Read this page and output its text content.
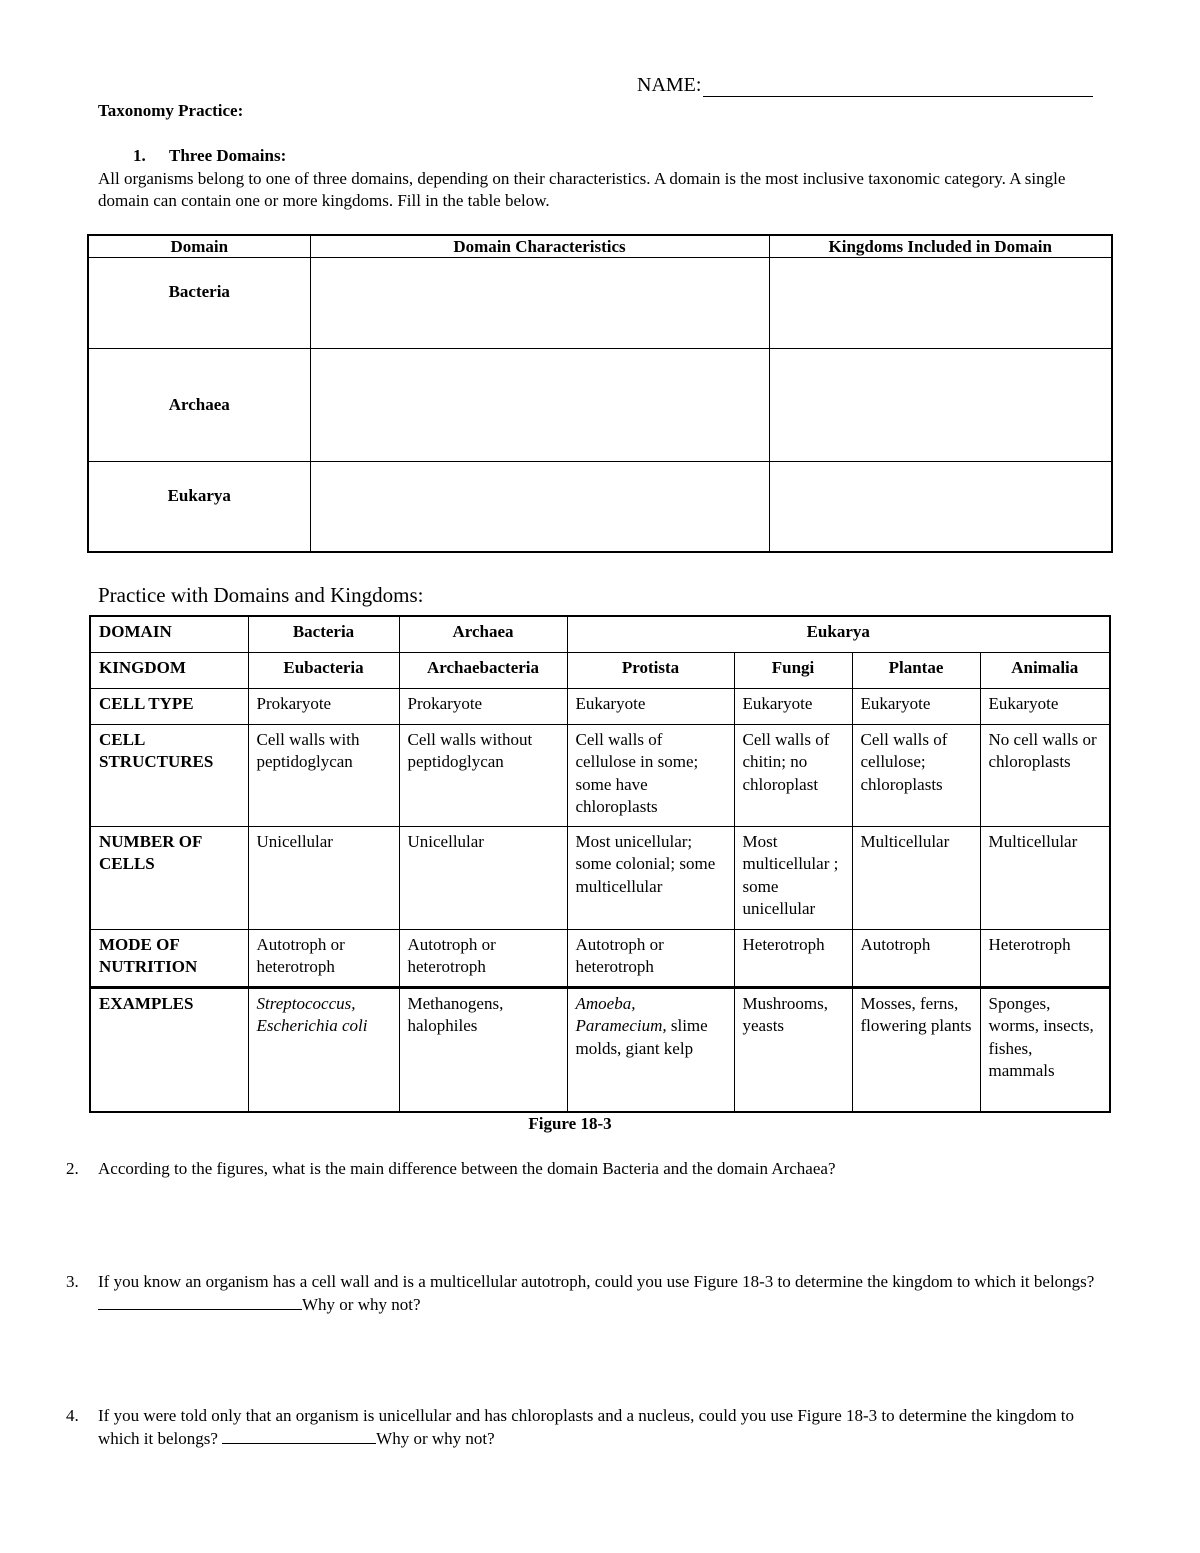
NAME:
Taxonomy Practice:
1. Three Domains:
All organisms belong to one of three domains, depending on their characteristics. A domain is the most inclusive taxonomic category. A single domain can contain one or more kingdoms. Fill in the table below.
Domain	Domain Characteristics	Kingdoms Included in Domain
Bacteria		
Archaea		
Eukarya		
Practice with Domains and Kingdoms:
DOMAIN	Bacteria	Archaea	Eukarya			
KINGDOM	Eubacteria	Archaebacteria	Protista	Fungi	Plantae	Animalia
CELL TYPE	Prokaryote	Prokaryote	Eukaryote	Eukaryote	Eukaryote	Eukaryote
CELL STRUCTURES	Cell walls with peptidoglycan	Cell walls without peptidoglycan	Cell walls of cellulose in some; some have chloroplasts	Cell walls of chitin; no chloroplast	Cell walls of cellulose; chloroplasts	No cell walls or chloroplasts
NUMBER OF CELLS	Unicellular	Unicellular	Most unicellular; some colonial; some multicellular	Most multicellular ; some unicellular	Multicellular	Multicellular
MODE OF NUTRITION	Autotroph or heterotroph	Autotroph or heterotroph	Autotroph or heterotroph	Heterotroph	Autotroph	Heterotroph
EXAMPLES	Streptococcus, Escherichia coli	Methanogens, halophiles	Amoeba, Paramecium, slime molds, giant kelp	Mushrooms, yeasts	Mosses, ferns, flowering plants	Sponges, worms, insects, fishes, mammals
Figure 18-3
2. According to the figures, what is the main difference between the domain Bacteria and the domain Archaea?
3. If you know an organism has a cell wall and is a multicellular autotroph, could you use Figure 18-3 to determine the kingdom to which it belongs? Why or why not?
4. If you were told only that an organism is unicellular and has chloroplasts and a nucleus, could you use Figure 18-3 to determine the kingdom to which it belongs?	Why or why not?
